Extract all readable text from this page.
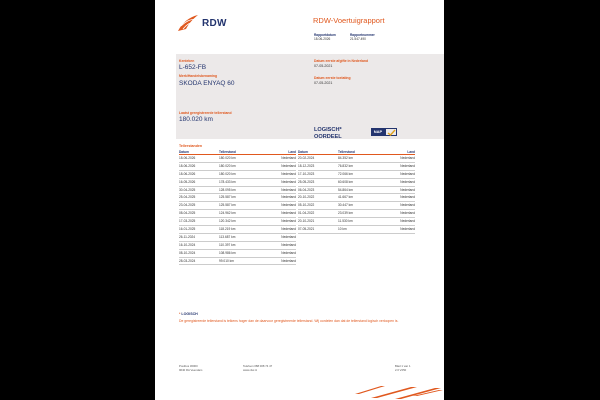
RDW	RDW-Voertuigrapport
Rapportdatum
18-06-2026
Rapportnummer
21.547.490
Kenteken
L-652-FB
Merk/Handelsbenaming
SKODA ENYAQ 60
Laatst geregistreerde tellerstand
180.020 km
Datum eerste afgifte in Nederland
07-05-2021
Datum eerste toelating
07-05-2021
LOGISCH*
OORDEEL
NAP
Tellerstanden
Datum	Tellerstand	Land
18-06-2026	180.020 km	Nederland
18-06-2026	180.020 km	Nederland
18-06-2026	180.020 km	Nederland
16-05-2026	178.433 km	Nederland
30-04-2025	128.095 km	Nederland
25-04-2025	125.587 km	Nederland
23-04-2025	125.587 km	Nederland
08-04-2025	124.962 km	Nederland
17-03-2025	120.342 km	Nederland
16-01-2025	118.219 km	Nederland
26-11-2024	113.687 km	Nederland
16-10-2024	110.397 km	Nederland
08-10-2024	108.986 km	Nederland
28-03-2024	99.010 km	Nederland
Datum	Tellerstand	Land
20-02-2024	84.352 km	Nederland
18-12-2023	76.832 km	Nederland
17-10-2023	72.066 km	Nederland
25-05-2023	60.608 km	Nederland
06-04-2023	54.864 km	Nederland
20-10-2022	41.667 km	Nederland
05-10-2022	30.447 km	Nederland
01-04-2022	23.039 km	Nederland
20-10-2021	11.530 km	Nederland
07-05-2021	10 km	Nederland
* LOGISCH
De geregistreerde tellerstand is telkens hoger dan de daarvoor geregistreerde tellerstand. Wij oordelen dan dat de tellerstand logisch verloopen is.
Postbus 30000
9640 RA Veendam
Telefoon 088 008 74 47
www.rdw.nl
Blad 1 van 1
2.0 V250
